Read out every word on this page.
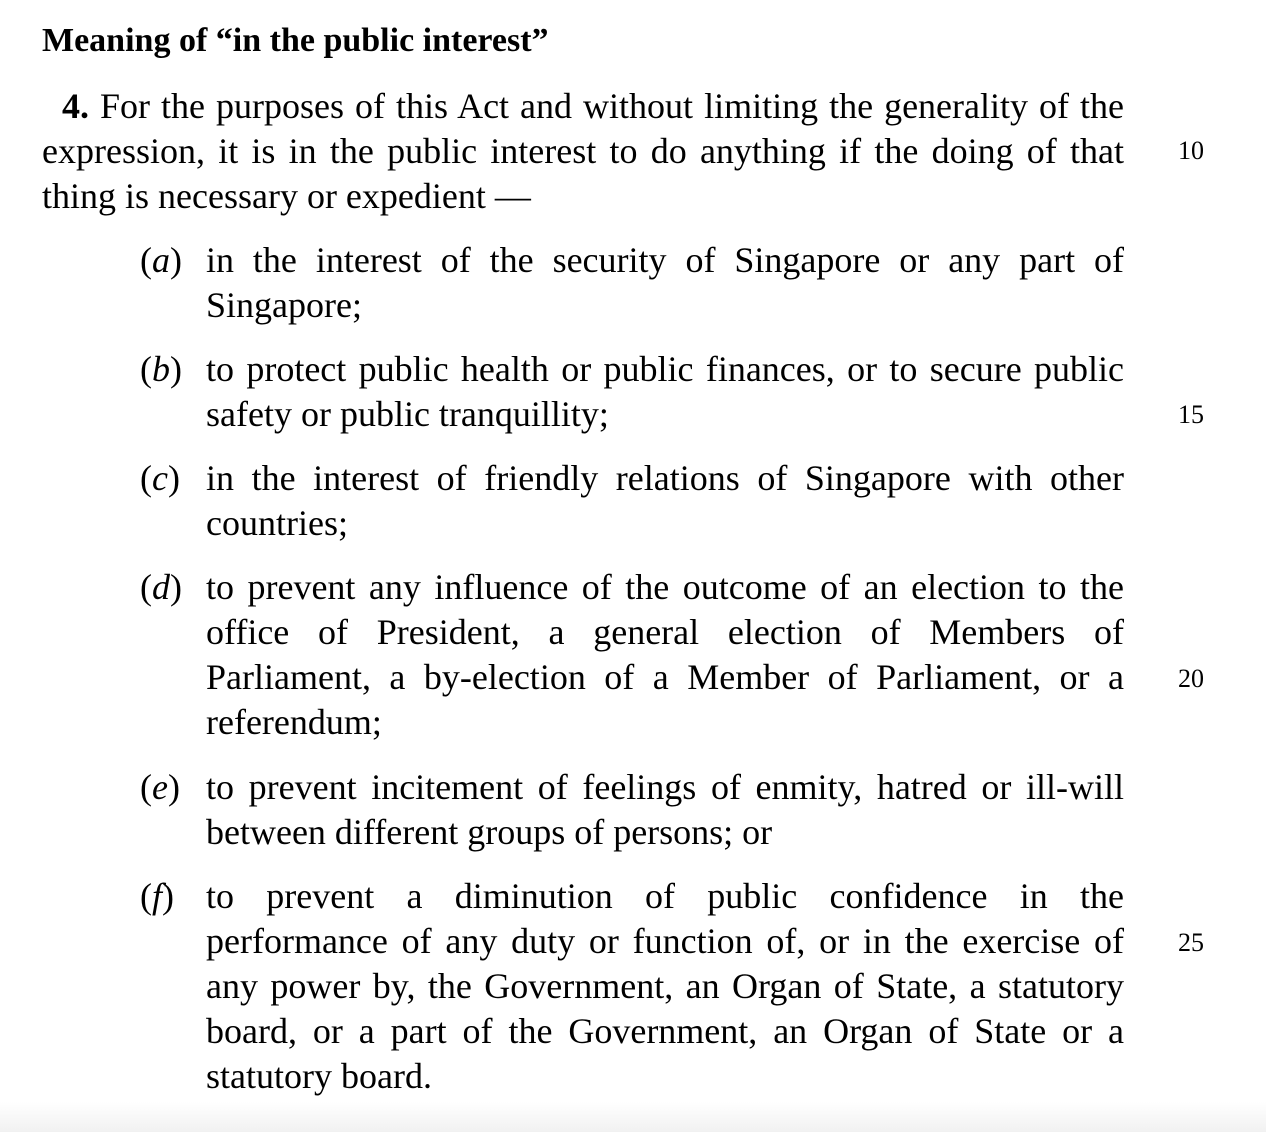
Meaning of “in the public interest”
4. For the purposes of this Act and without limiting the generality of the expression, it is in the public interest to do anything if the doing of that thing is necessary or expedient —
(a) in the interest of the security of Singapore or any part of Singapore;
(b) to protect public health or public finances, or to secure public safety or public tranquillity;
(c) in the interest of friendly relations of Singapore with other countries;
(d) to prevent any influence of the outcome of an election to the office of President, a general election of Members of Parliament, a by-election of a Member of Parliament, or a referendum;
(e) to prevent incitement of feelings of enmity, hatred or ill-will between different groups of persons; or
(f) to prevent a diminution of public confidence in the performance of any duty or function of, or in the exercise of any power by, the Government, an Organ of State, a statutory board, or a part of the Government, an Organ of State or a statutory board.
10
15
20
25
